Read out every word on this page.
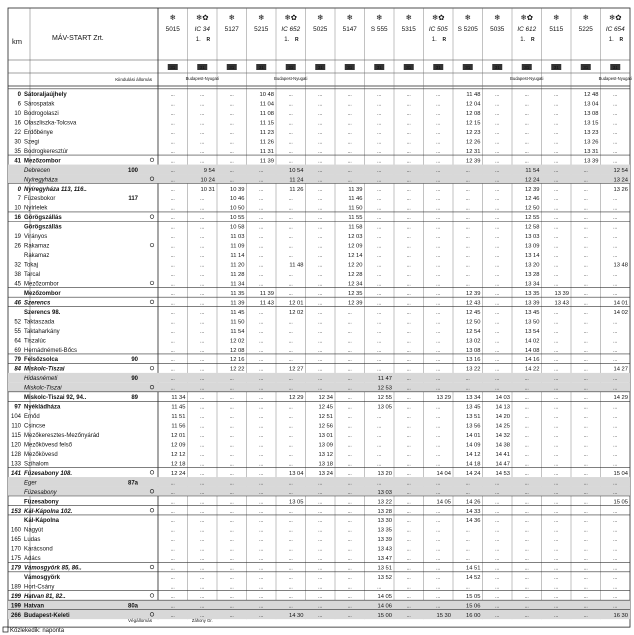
❄
5015
31
❄✿
IC 34
1. R
31
Budapest-Nyugati
Záhony Gr.
❄
5127
31
❄
5215
31
❄✿
IC 652
1. R
31
Budapest-Nyugati
❄
5025
31
❄
5147
31
❄
S 555
31
❄
5315
31
❄✿
IC 505
1. R
31
❄
S 5205
31
❄
5035
31
❄✿
IC 612
1. R
31
Budapest-Nyugati
❄
5115
31
❄
5225
31
❄✿
IC 654
1. R
31
Budapest-Nyugati
0 Sátoraljaújhely	...	...	...	10 48	...	...	...	...	...	...	11 48	...	...	...	12 48	...
6 Sárospatak	...	...	...	11 04	...	...	...	...	...	...	12 04	...	...	...	13 04	...
10 Bodrogolaszi	...	...	...	11 08	...	...	...	...	...	...	12 08	...	...	...	13 08	...
16 Olaszliszka-Tolcsva	...	...	...	11 15	...	...	...	...	...	...	12 15	...	...	...	13 15	...
22 Erdőbénye	...	...	...	11 23	...	...	...	...	...	...	12 23	...	...	...	13 23	...
30 Szegi	...	...	...	11 26	...	...	...	...	...	...	12 26	...	...	...	13 26	...
35 Bodrogkeresztúr	...	...	...	11 31	...	...	...	...	...	...	12 31	...	...	...	13 31	...
41 Mezőzombor	...	...	...	11 39	...	...	...	...	...	...	12 39	...	...	...	13 39	...
Debrecen	100	...	9 54	...	...	10 54	...	...	...	...	...	...	...	11 54	...	...	12 54
Nyíregyháza	...	10 24	...	...	11 24	...	...	...	...	...	...	...	12 24	...	...	13 24
0 Nyíregyháza 113, 116..	...	10 31	10 39	...	11 26	...	11 39	...	...	...	...	...	12 39	...	...	13 26
7 Füzesbokor	117	...	...	10 46	...	...	...	11 46	...	...	...	...	...	12 46	...	...	...
10 Nyírlelek	...	...	10 50	...	...	...	11 50	...	...	...	...	...	12 50	...	...	...
16 Görögszállás	...	...	10 55	...	...	...	11 55	...	...	...	...	...	12 55	...	...	...
Görögszállás	...	...	10 58	...	...	...	11 58	...	...	...	...	...	12 58	...	...	...
19 Virányos	...	...	11 03	...	...	...	12 03	...	...	...	...	...	13 03	...	...	...
26 Rakamaz	...	...	11 09	...	...	...	12 09	...	...	...	...	...	13 09	...	...	...
Rakamaz	...	...	11 14	...	...	...	12 14	...	...	...	...	...	13 14	...	...	...
32 Tokaj	...	...	11 20	...	11 48	...	12 20	...	...	...	...	...	13 20	...	...	13 48
38 Tarcal	...	...	11 28	...	...	...	12 28	...	...	...	...	...	13 28	...	...	...
45 Mezőzombor	...	...	11 34	...	...	...	12 34	...	...	...	...	...	13 34	...	...	...
Mezőzombor	...	...	11 35	11 39	...	...	12 35	...	...	...	12 39	...	13 35	13 39	...	...
46 Szerencs	...	...	11 39	11 43	12 01	...	12 39	...	...	...	12 43	...	13 39	13 43	...	14 01
Szerencs 98.	...	...	11 45	...	12 02	...	...	...	...	...	12 45	...	13 45	...	...	14 02
52 Taktaszada	...	...	11 50	...	...	...	...	...	...	...	12 50	...	13 50	...	...	...
55 Taktaharkány	...	...	11 54	...	...	...	...	...	...	...	12 54	...	13 54	...	...	...
64 Tiszalúc	...	...	12 02	...	...	...	...	...	...	...	13 02	...	14 02	...	...	...
69 Hernádnémeti-Bőcs	...	...	12 08	...	...	...	...	...	...	...	13 08	...	14 08	...	...	...
79 Felsőzsolca	90	...	...	12 16	...	...	...	...	...	...	...	13 16	...	14 16	...	...	...
84 Miskolc-Tiszai	...	...	12 22	...	12 27	...	...	...	...	...	13 22	...	14 22	...	...	14 27
Hidasnémeti	90	...	...	...	...	...	...	...	11 47	...	...	...	...	...	...	...	...
Miskolc-Tiszai	...	...	...	...	...	...	...	12 53	...	...	...	...	...	...	...	...
Miskolc-Tiszai 92, 94..	89	11 34	...	...	...	12 29	12 34	...	12 55	...	13 29	13 34	14 03	...	...	...	14 29
97 Nyékládháza	11 45	...	...	...	...	12 45	...	13 05	...	...	13 45	14 13	...	...	...	...
104 Emőd	11 51	...	...	...	...	12 51	...	...	...	...	13 51	14 20	...	...	...	...
110 Csincse	11 56	...	...	...	...	12 56	...	...	...	...	13 56	14 25	...	...	...	...
115 Mezőkeresztes-Mezőnyárád	12 01	...	...	...	...	13 01	...	...	...	...	14 01	14 32	...	...	...	...
120 Mezőkövesd felső	12 09	...	...	...	...	13 09	...	...	...	...	14 09	14 38	...	...	...	...
128 Mezőkövesd	12 12	...	...	...	...	13 12	...	...	...	...	14 12	14 41	...	...	...	...
133 Szihalom	12 18	...	...	...	...	13 18	...	...	...	...	14 18	14 47	...	...	...	...
141 Füzesabony 108.	12 24	...	...	...	13 04	13 24	...	13 20	...	14 04	14 24	14 53	...	...	...	15 04
Eger	87a	...	...	...	...	...	...	...	...	...	...	...	...	...	...	...	...
Füzesabony	...	...	...	...	...	...	...	13 03	...	...	...	...	...	...	...	...
Füzesabony	...	...	...	...	13 05	...	...	13 22	...	14 05	14 26	...	...	...	...	15 05
153 Kál-Kápolna 102.	...	...	...	...	...	...	...	13 28	...	...	14 33	...	...	...	...	...
Kál-Kápolna	...	...	...	...	...	...	...	13 30	...	...	14 36	...	...	...	...	...
160 Nagyút	...	...	...	...	...	...	...	13 35	...	...	...	...	...	...	...	...
165 Ludas	...	...	...	...	...	...	...	13 39	...	...	...	...	...	...	...	...
170 Karácsond	...	...	...	...	...	...	...	13 43	...	...	...	...	...	...	...	...
175 Adács	...	...	...	...	...	...	...	13 47	...	...	...	...	...	...	...	...
179 Vámosgyörk 85, 86..	...	...	...	...	...	...	...	13 51	...	...	14 51	...	...	...	...	...
Vámosgyörk	...	...	...	...	...	...	...	13 52	...	...	14 52	...	...	...	...	...
189 Hort-Csány	...	...	...	...	...	...	...	...	...	...	...	...	...	...	...	...
199 Hatvan 81, 82..	...	...	...	...	...	...	...	14 05	...	...	15 05	...	...	...	...	...
199 Hatvan	80a	...	...	...	...	...	...	...	14 06	...	...	15 06	...	...	...	...	...
266 Budapest-Keleti	...	...	...	...	14 30	...	...	15 00	...	15 30	16 00	...	...	...	...	16 30
km	MÁV-START Zrt.
Kiindulási állomás
Végállomás
Közlekedik: naponta
